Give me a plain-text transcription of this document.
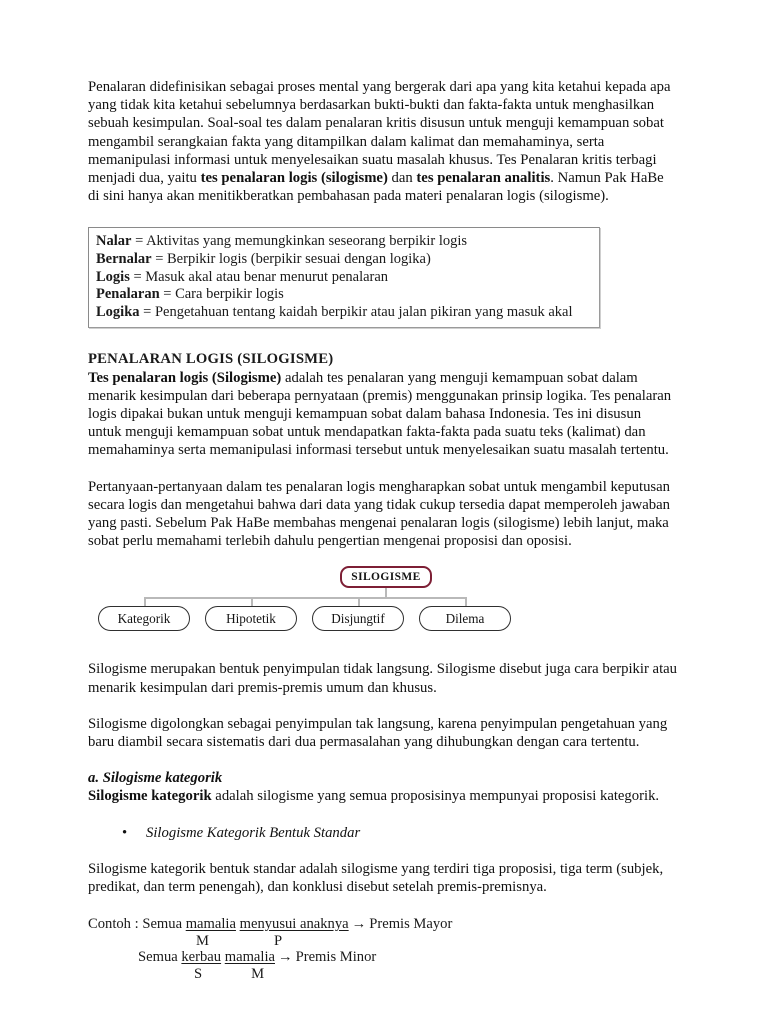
Penalaran didefinisikan sebagai proses mental yang bergerak dari apa yang kita ketahui kepada apa yang tidak kita ketahui sebelumnya berdasarkan bukti-bukti dan fakta-fakta untuk menghasilkan sebuah kesimpulan. Soal-soal tes dalam penalaran kritis disusun untuk menguji kemampuan sobat mengambil serangkaian fakta yang ditampilkan dalam kalimat dan memahaminya, serta memanipulasi informasi untuk menyelesaikan suatu masalah khusus. Tes Penalaran kritis terbagi menjadi dua, yaitu tes penalaran logis (silogisme) dan tes penalaran analitis. Namun Pak HaBe di sini hanya akan menitikberatkan pembahasan pada materi penalaran logis (silogisme).

Nalar = Aktivitas yang memungkinkan seseorang berpikir logis
Bernalar = Berpikir logis (berpikir sesuai dengan logika)
Logis = Masuk akal atau benar menurut penalaran
Penalaran = Cara berpikir logis
Logika = Pengetahuan tentang kaidah berpikir atau jalan pikiran yang masuk akal
PENALARAN LOGIS (SILOGISME)

Tes penalaran logis (Silogisme) adalah tes penalaran yang menguji kemampuan sobat dalam menarik kesimpulan dari beberapa pernyataan (premis) menggunakan prinsip logika. Tes penalaran logis dipakai bukan untuk menguji kemampuan sobat dalam bahasa Indonesia. Tes ini disusun untuk menguji kemampuan sobat untuk mendapatkan fakta-fakta pada suatu teks (kalimat) dan memahaminya serta memanipulasi informasi tersebut untuk menyelesaikan suatu masalah tertentu.

Pertanyaan-pertanyaan dalam tes penalaran logis mengharapkan sobat untuk mengambil keputusan secara logis dan mengetahui bahwa dari data yang tidak cukup tersedia dapat memperoleh jawaban yang pasti. Sebelum Pak HaBe membahas mengenai penalaran logis (silogisme) lebih lanjut, maka sobat perlu memahami terlebih dahulu pengertian mengenai proposisi dan oposisi.

SILOGISME
Kategorik	Hipotetik	Disjungtif	Dilema

Silogisme merupakan bentuk penyimpulan tidak langsung. Silogisme disebut juga cara berpikir atau menarik kesimpulan dari premis-premis umum dan khusus.

Silogisme digolongkan sebagai penyimpulan tak langsung, karena penyimpulan pengetahuan yang baru diambil secara sistematis dari dua permasalahan yang dihubungkan dengan cara tertentu.

a. Silogisme kategorik

Silogisme kategorik adalah silogisme yang semua proposisinya mempunyai proposisi kategorik.

• Silogisme Kategorik Bentuk Standar

Silogisme kategorik bentuk standar adalah silogisme yang terdiri tiga proposisi, tiga term (subjek, predikat, dan term penengah), dan konklusi disebut setelah premis-premisnya.

Contoh : Semua mamalia menyusui anaknya → Premis Mayor
M	P
Semua kerbau mamalia → Premis Minor
S	M
